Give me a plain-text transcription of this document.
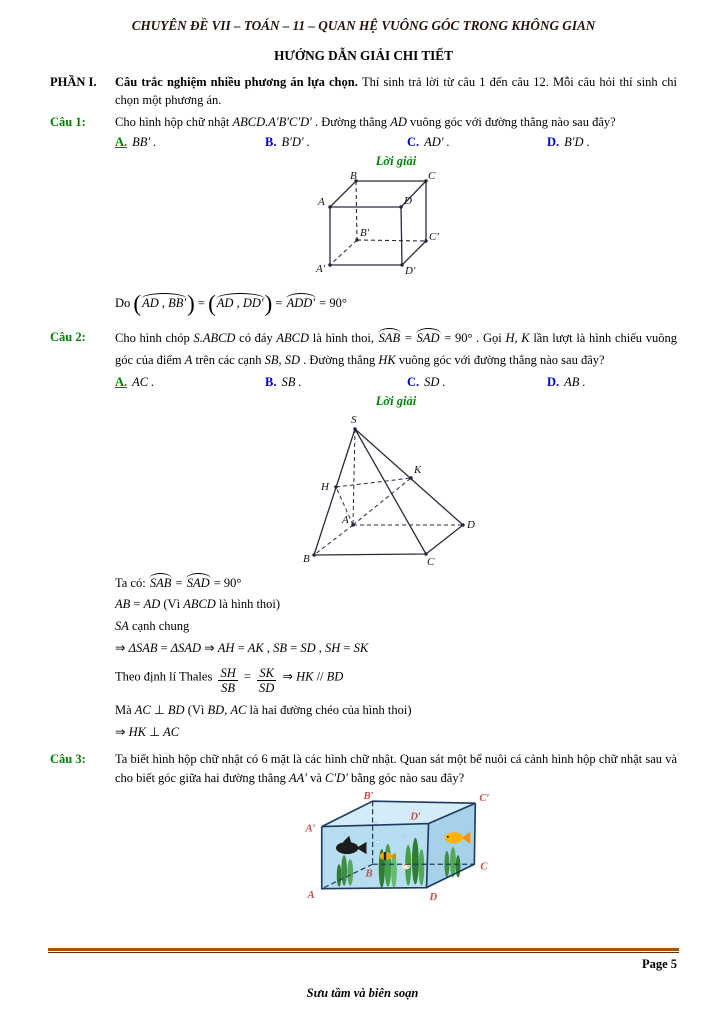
CHUYÊN ĐỀ VII – TOÁN – 11 – QUAN HỆ VUÔNG GÓC TRONG KHÔNG GIAN
HƯỚNG DẪN GIẢI CHI TIẾT
PHẦN I.	Câu trắc nghiệm nhiều phương án lựa chọn. Thí sinh trả lời từ câu 1 đến câu 12. Mỗi câu hỏi thí sinh chỉ chọn một phương án.
Câu 1:	Cho hình hộp chữ nhật ABCD.A′B′C′D′ . Đường thẳng AD vuông góc với đường thẳng nào sau đây?
A. BB′ .	B. B′D′ .	C. AD′ .	D. B′D .
Lời giải
B	C
A	D
B′	C′
A′	D′
Do (AD , BB′) = (AD , DD′) = ADD′ = 90°
Câu 2:	Cho hình chóp S.ABCD có đáy ABCD là hình thoi, SAB = SAD = 90° . Gọi H, K lần lượt là hình chiếu vuông góc của điểm A trên các cạnh SB, SD . Đường thẳng HK vuông góc với đường thẳng nào sau đây?
A. AC .	B. SB .	C. SD .	D. AB .
Lời giải
S
H
K
A	D
B	C
Ta có: SAB = SAD = 90°
AB = AD (Vì ABCD là hình thoi)
SA cạnh chung
⇒ ΔSAB = ΔSAD ⇒ AH = AK , SB = SD , SH = SK
Theo định lí Thales $\frac{SH}{SB} = \frac{SK}{SD}$ ⇒ HK // BD
Mà AC ⊥ BD (Vì BD, AC là hai đường chéo của hình thoi)
⇒ HK ⊥ AC
Câu 3:	Ta biết hình hộp chữ nhật có 6 mặt là các hình chữ nhật. Quan sát một bể nuôi cá cảnh hình hộp chữ nhật sau và cho biết góc giữa hai đường thẳng AA′ và C′D′ bằng góc nào sau đây?
B′	C′
A′
D′
B
C
A	D
Page 5
Sưu tầm và biên soạn
